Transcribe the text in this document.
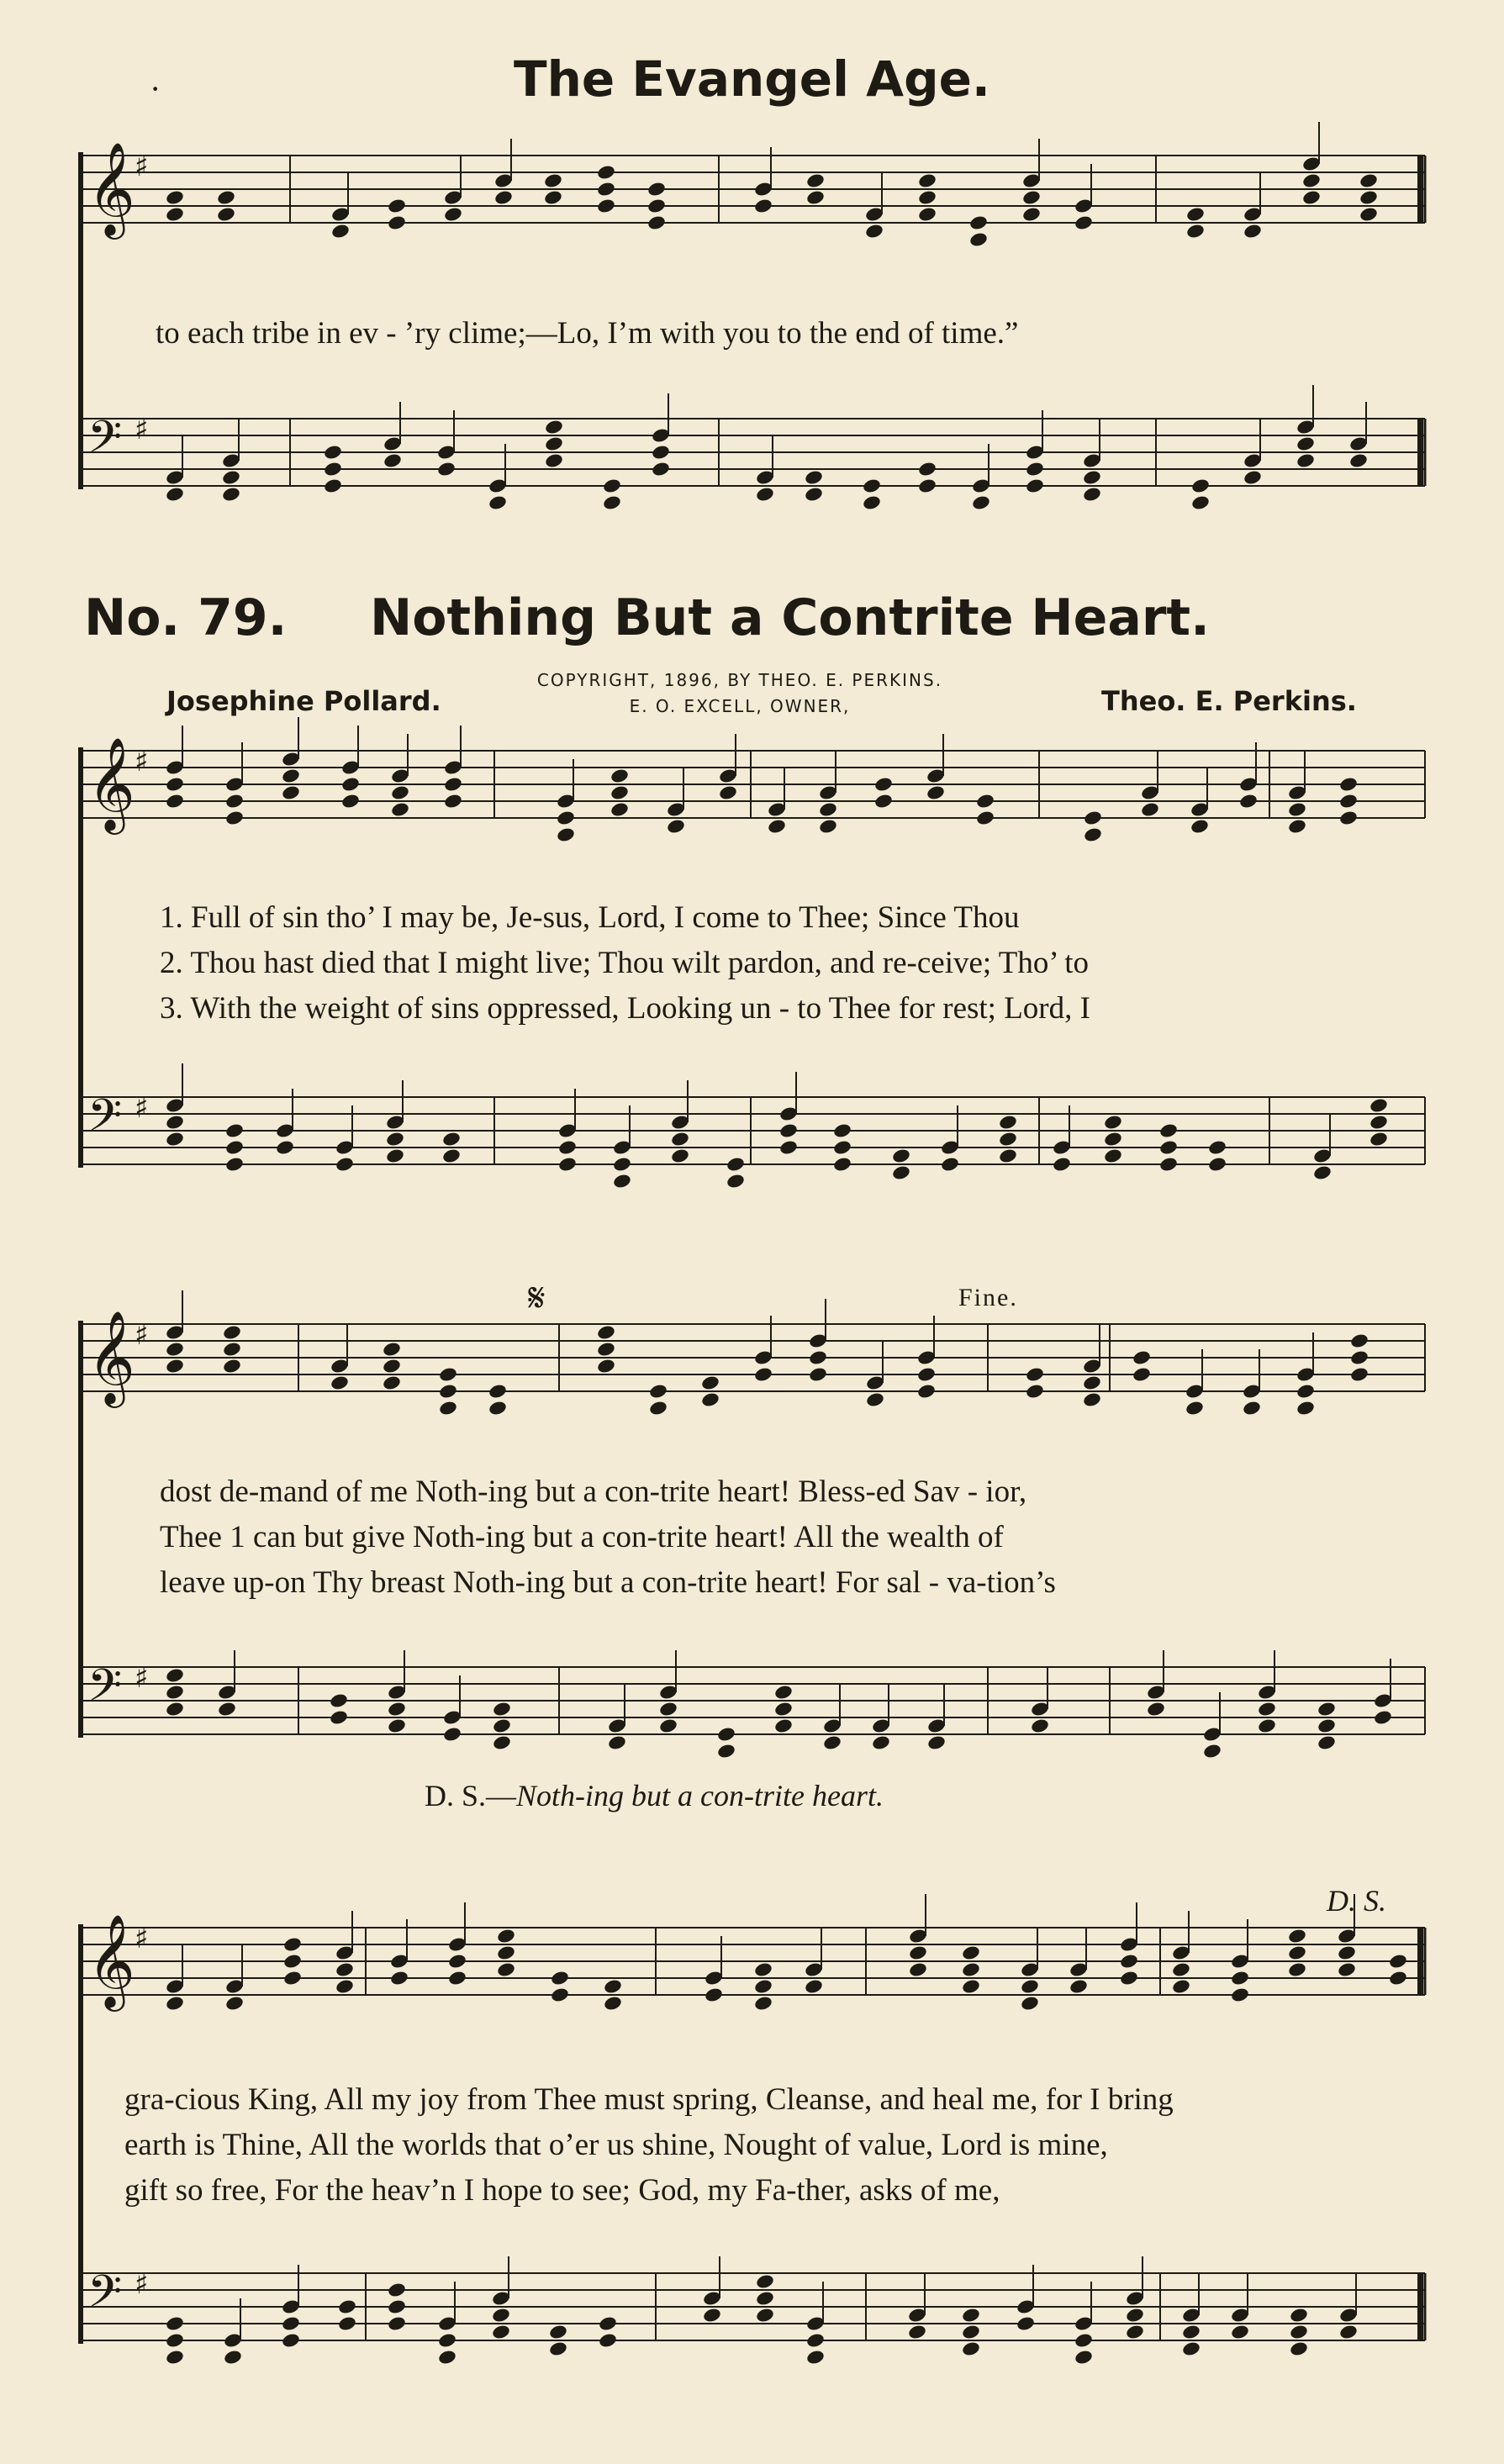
The Evangel Age.
·
to each tribe in ev - ’ry clime;—Lo, I’m with you to the end of time.”
No. 79. Nothing But a Contrite Heart.
COPYRIGHT, 1896, BY THEO. E. PERKINS.
E. O. EXCELL, OWNER,
Josephine Pollard.	Theo. E. Perkins.
1. Full of sin tho’ I may be, Je-sus, Lord, I come to Thee; Since Thou
2. Thou hast died that I might live; Thou wilt pardon, and re-ceive; Tho’ to
3. With the weight of sins oppressed, Looking un - to Thee for rest; Lord, I
𝄋	Fine.
dost de-mand of me Noth-ing but a con-trite heart! Bless-ed Sav - ior,
Thee 1 can but give Noth-ing but a con-trite heart! All the wealth of
leave up-on Thy breast Noth-ing but a con-trite heart! For sal - va-tion’s
D. S.—Noth-ing but a con-trite heart.
D. S.
gra-cious King, All my joy from Thee must spring, Cleanse, and heal me, for I bring
earth is Thine, All the worlds that o’er us shine, Nought of value, Lord is mine,
gift so free, For the heav’n I hope to see; God, my Fa-ther, asks of me,
𝄞 ♯
𝄢 ♯
𝄞 ♯
𝄢 ♯
𝄞 ♯
𝄢 ♯
𝄞 ♯
𝄢 ♯
